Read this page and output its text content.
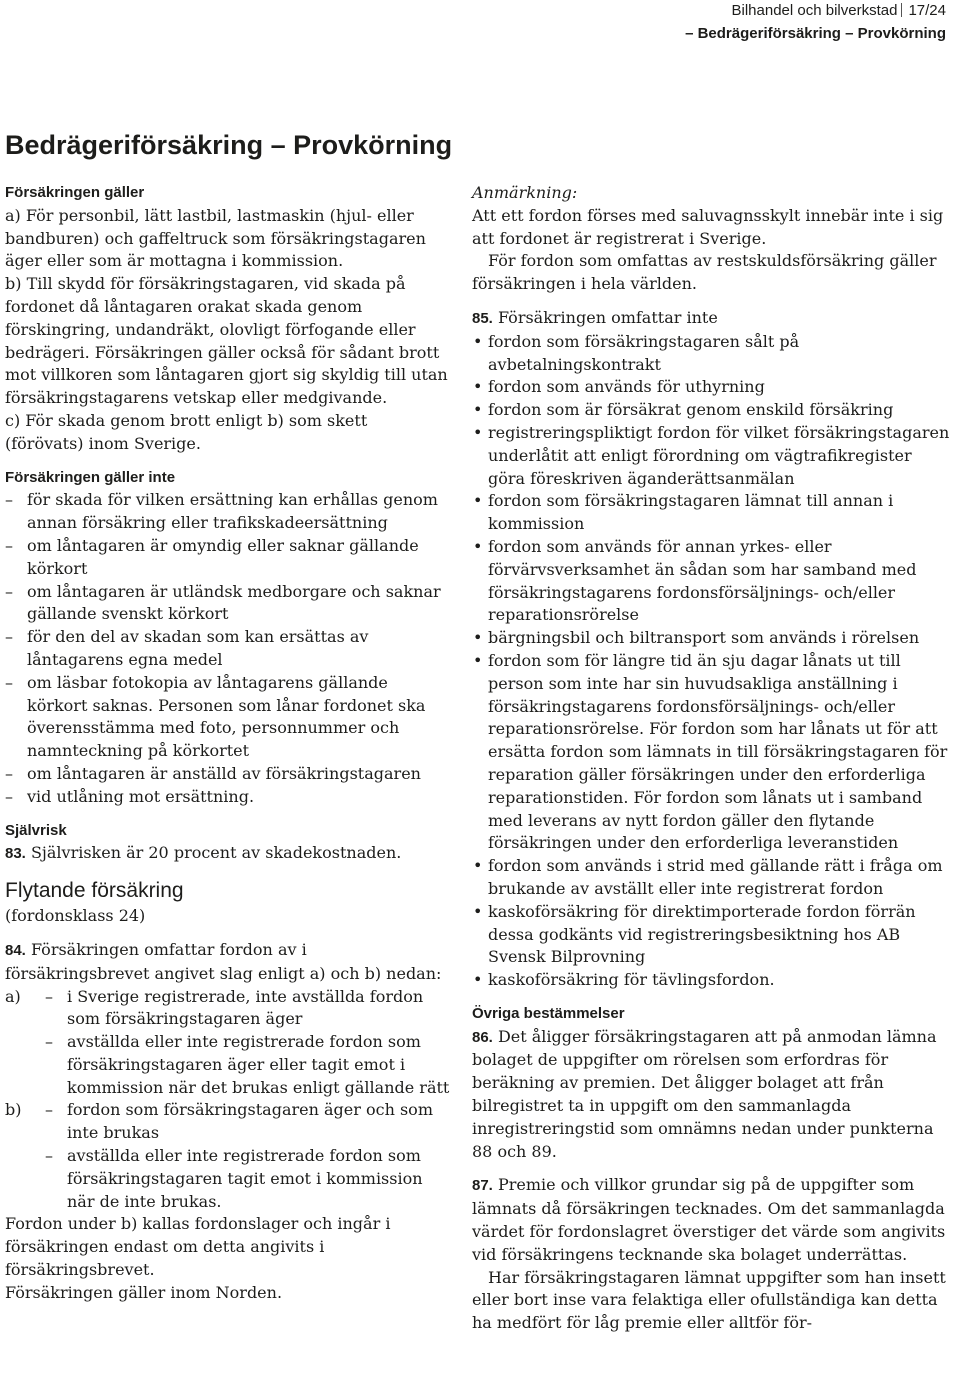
Bilhandel och bilverkstad 17/24
– Bedrägeriförsäkring – Provkörning
Bedrägeriförsäkring – Provkörning
Försäkringen gäller

a) För personbil, lätt lastbil, lastmaskin (hjul- eller bandburen) och gaffeltruck som försäkringstagaren äger eller som är mottagna i kommission.

b) Till skydd för försäkringstagaren, vid skada på fordonet då låntagaren orakat skada genom förskingring, undandräkt, olovligt förfogande eller bedrägeri. Försäkringen gäller också för sådant brott mot villkoren som låntagaren gjort sig skyldig till utan försäkringstagarens vetskap eller medgivande.

c) För skada genom brott enligt b) som skett (förövats) inom Sverige.

Försäkringen gäller inte
– för skada för vilken ersättning kan erhållas genom annan försäkring eller trafikskadeersättning
– om låntagaren är omyndig eller saknar gällande körkort
– om låntagaren är utländsk medborgare och saknar gällande svenskt körkort
– för den del av skadan som kan ersättas av låntagarens egna medel
– om läsbar fotokopia av låntagarens gällande körkort saknas. Personen som lånar fordonet ska överensstämma med foto, personnummer och namnteckning på körkortet
– om låntagaren är anställd av försäkringstagaren
– vid utlåning mot ersättning.
Självrisk

83. Självrisken är 20 procent av skadekostnaden.

Flytande försäkring
(fordonsklass 24)

84. Försäkringen omfattar fordon av i försäkringsbrevet angivet slag enligt a) och b) nedan:

a)	– i Sverige registrerade, inte avställda fordon som försäkringstagaren äger
– avställda eller inte registrerade fordon som försäkringstagaren äger eller tagit emot i kommission när det brukas enligt gällande rätt
b)	– fordon som försäkringstagaren äger och som inte brukas
– avställda eller inte registrerade fordon som försäkringstagaren tagit emot i kommission när de inte brukas.

Fordon under b) kallas fordonslager och ingår i försäkringen endast om detta angivits i försäkringsbrevet.

Försäkringen gäller inom Norden.

Anmärkning:

Att ett fordon förses med saluvagnsskylt innebär inte i sig att fordonet är registrerat i Sverige.

För fordon som omfattas av restskuldsförsäkring gäller försäkringen i hela världen.

85. Försäkringen omfattar inte

• fordon som försäkringstagaren sålt på avbetalningskontrakt
• fordon som används för uthyrning
• fordon som är försäkrat genom enskild försäkring
• registreringspliktigt fordon för vilket försäkringstagaren underlåtit att enligt förordning om vägtrafikregister göra föreskriven äganderättsanmälan
• fordon som försäkringstagaren lämnat till annan i kommission
• fordon som används för annan yrkes- eller förvärvsverksamhet än sådan som har samband med försäkringstagarens fordonsförsäljnings- och/eller reparationsrörelse
• bärgningsbil och biltransport som används i rörelsen
• fordon som för längre tid än sju dagar lånats ut till person som inte har sin huvudsakliga anställning i försäkringstagarens fordonsförsäljnings- och/eller reparationsrörelse. För fordon som har lånats ut för att ersätta fordon som lämnats in till försäkringstagaren för reparation gäller försäkringen under den erforderliga reparationstiden. För fordon som lånats ut i samband med leverans av nytt fordon gäller den flytande försäkringen under den erforderliga leveranstiden
• fordon som används i strid med gällande rätt i fråga om brukande av avställt eller inte registrerat fordon
• kaskoförsäkring för direktimporterade fordon förrän dessa godkänts vid registreringsbesiktning hos AB Svensk Bilprovning
• kaskoförsäkring för tävlingsfordon.
Övriga bestämmelser

86. Det åligger försäkringstagaren att på anmodan lämna bolaget de uppgifter om rörelsen som erfordras för beräkning av premien. Det åligger bolaget att från bilregistret ta in uppgift om den sammanlagda inregistreringstid som omnämns nedan under punkterna 88 och 89.

87. Premie och villkor grundar sig på de uppgifter som lämnats då försäkringen tecknades. Om det sammanlagda värdet för fordonslagret överstiger det värde som angivits vid försäkringens tecknande ska bolaget underrättas.

Har försäkringstagaren lämnat uppgifter som han insett eller bort inse vara felaktiga eller ofullständiga kan detta ha medfört för låg premie eller alltför för-
